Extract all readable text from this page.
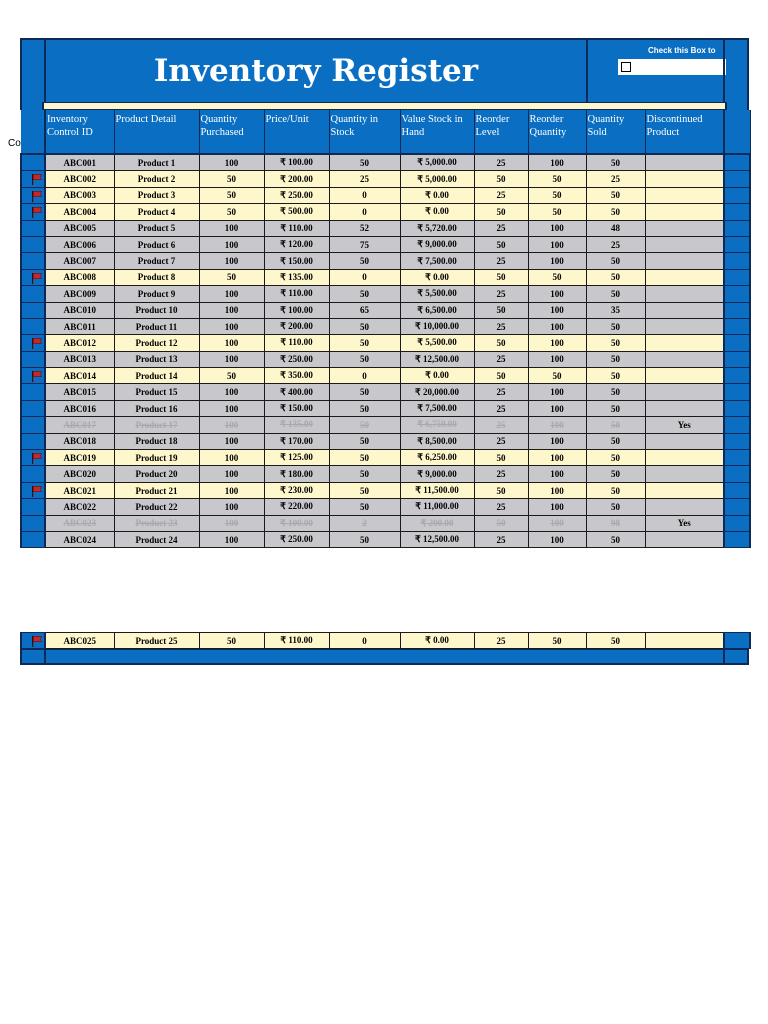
Inventory Register
Check this Box to
	Inventory Control ID	Product Detail	Quantity Purchased	Price/Unit	Quantity in Stock	Value Stock in Hand	Reorder Level	Reorder Quantity	Quantity Sold	Discontinued Product	
	ABC001	Product 1	100	₹ 100.00	50	₹ 5,000.00	25	100	50		

	ABC002	Product 2	50	₹ 200.00	25	₹ 5,000.00	50	50	25		

	ABC003	Product 3	50	₹ 250.00	0	₹ 0.00	25	50	50		

	ABC004	Product 4	50	₹ 500.00	0	₹ 0.00	50	50	50		
	ABC005	Product 5	100	₹ 110.00	52	₹ 5,720.00	25	100	48		
	ABC006	Product 6	100	₹ 120.00	75	₹ 9,000.00	50	100	25		
	ABC007	Product 7	100	₹ 150.00	50	₹ 7,500.00	25	100	50		

	ABC008	Product 8	50	₹ 135.00	0	₹ 0.00	50	50	50		
	ABC009	Product 9	100	₹ 110.00	50	₹ 5,500.00	25	100	50		
	ABC010	Product 10	100	₹ 100.00	65	₹ 6,500.00	50	100	35		
	ABC011	Product 11	100	₹ 200.00	50	₹ 10,000.00	25	100	50		

	ABC012	Product 12	100	₹ 110.00	50	₹ 5,500.00	50	100	50		
	ABC013	Product 13	100	₹ 250.00	50	₹ 12,500.00	25	100	50		

	ABC014	Product 14	50	₹ 350.00	0	₹ 0.00	50	50	50		
	ABC015	Product 15	100	₹ 400.00	50	₹ 20,000.00	25	100	50		
	ABC016	Product 16	100	₹ 150.00	50	₹ 7,500.00	25	100	50		
	ABC017	Product 17	100	₹ 135.00	50	₹ 6,750.00	25	100	50	Yes	
	ABC018	Product 18	100	₹ 170.00	50	₹ 8,500.00	25	100	50		

	ABC019	Product 19	100	₹ 125.00	50	₹ 6,250.00	50	100	50		
	ABC020	Product 20	100	₹ 180.00	50	₹ 9,000.00	25	100	50		

	ABC021	Product 21	100	₹ 230.00	50	₹ 11,500.00	50	100	50		
	ABC022	Product 22	100	₹ 220.00	50	₹ 11,000.00	25	100	50		
	ABC023	Product 23	100	₹ 100.00	2	₹ 200.00	50	100	98	Yes	
	ABC024	Product 24	100	₹ 250.00	50	₹ 12,500.00	25	100	50		
Co
	ABC025	Product 25	50	₹ 110.00	0	₹ 0.00	25	50	50		
